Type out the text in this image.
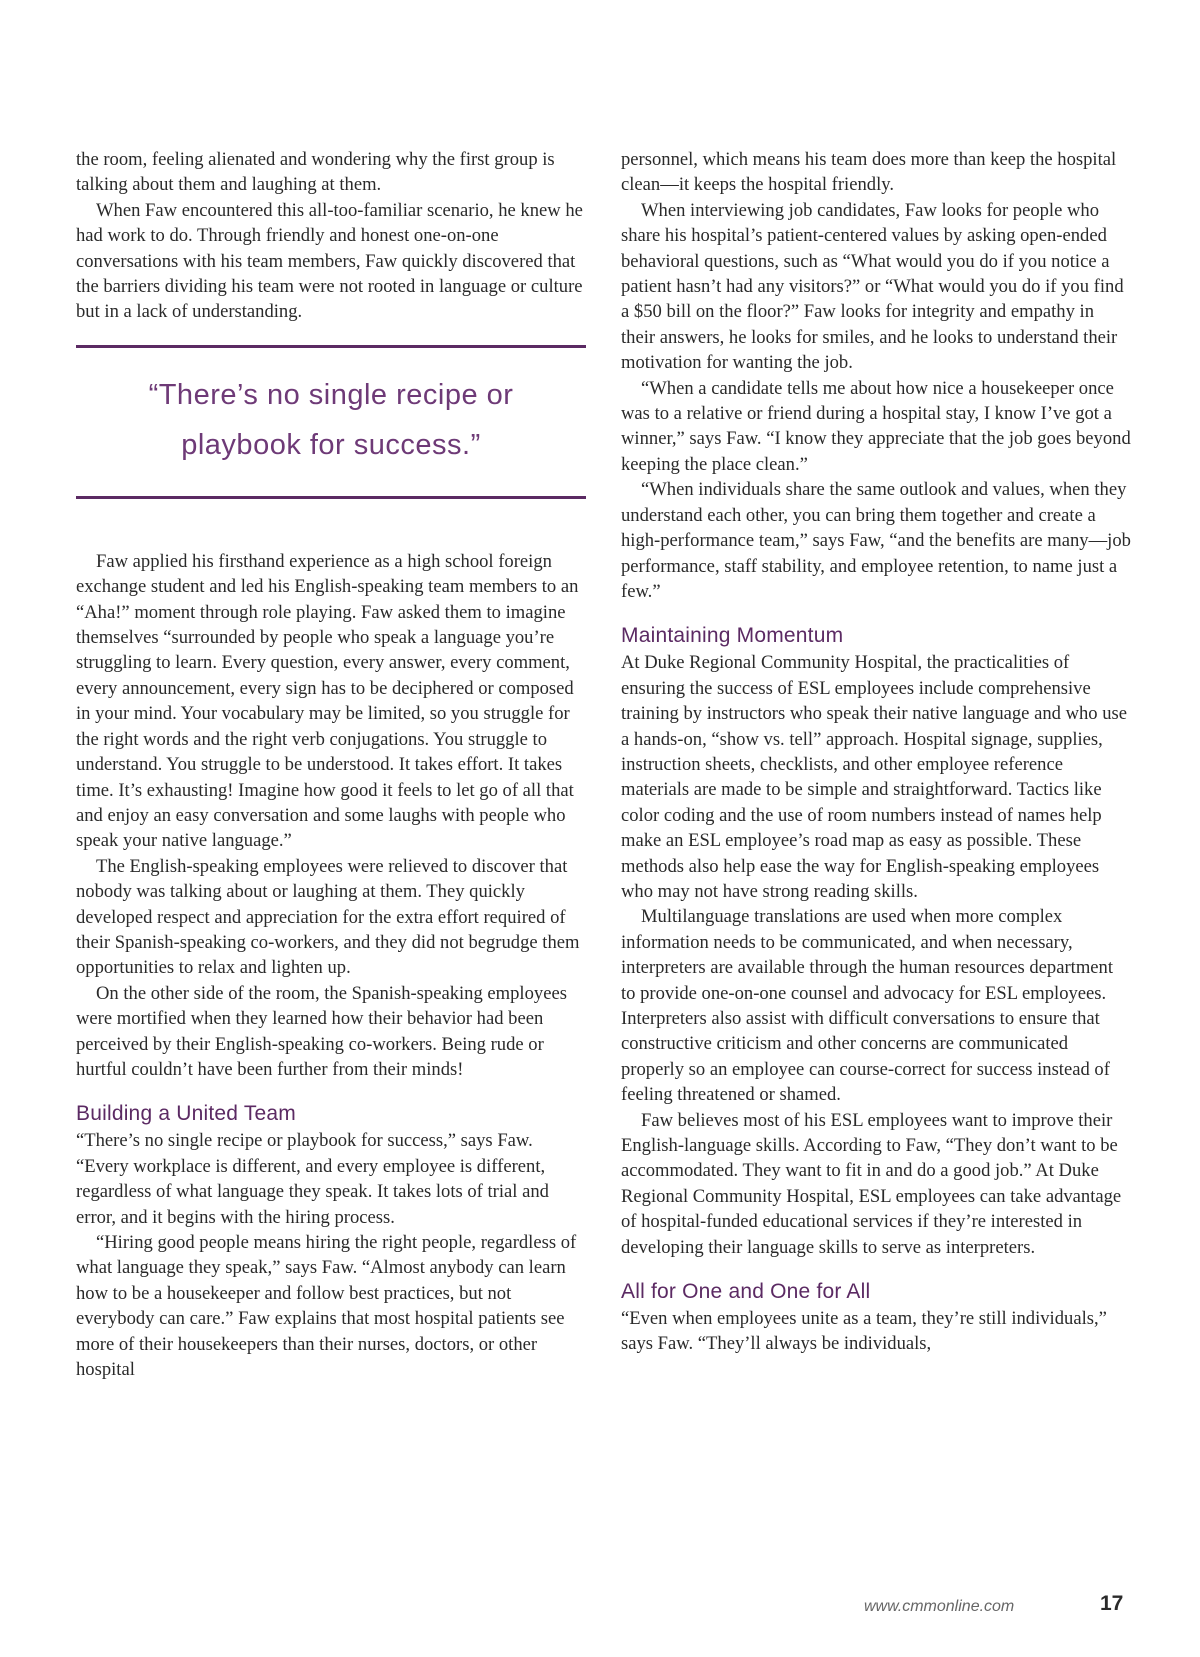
the room, feeling alienated and wondering why the first group is talking about them and laughing at them.

When Faw encountered this all-too-familiar scenario, he knew he had work to do. Through friendly and honest one-on-one conversations with his team members, Faw quickly discovered that the barriers dividing his team were not rooted in language or culture but in a lack of understanding.

“There’s no single recipe or playbook for success.”

Faw applied his firsthand experience as a high school foreign exchange student and led his English-speaking team members to an “Aha!” moment through role playing. Faw asked them to imagine themselves “surrounded by people who speak a language you’re struggling to learn. Every question, every answer, every comment, every announcement, every sign has to be deciphered or composed in your mind. Your vocabulary may be limited, so you struggle for the right words and the right verb conjugations. You struggle to understand. You struggle to be understood. It takes effort. It takes time. It’s exhausting! Imagine how good it feels to let go of all that and enjoy an easy conversation and some laughs with people who speak your native language.”

The English-speaking employees were relieved to discover that nobody was talking about or laughing at them. They quickly developed respect and appreciation for the extra effort required of their Spanish-speaking co-workers, and they did not begrudge them opportunities to relax and lighten up.

On the other side of the room, the Spanish-speaking employees were mortified when they learned how their behavior had been perceived by their English-speaking co-workers. Being rude or hurtful couldn’t have been further from their minds!

Building a United Team

“There’s no single recipe or playbook for success,” says Faw. “Every workplace is different, and every employee is different, regardless of what language they speak. It takes lots of trial and error, and it begins with the hiring process.

“Hiring good people means hiring the right people, regardless of what language they speak,” says Faw. “Almost anybody can learn how to be a housekeeper and follow best practices, but not everybody can care.” Faw explains that most hospital patients see more of their housekeepers than their nurses, doctors, or other hospital

personnel, which means his team does more than keep the hospital clean—it keeps the hospital friendly.

When interviewing job candidates, Faw looks for people who share his hospital’s patient-centered values by asking open-ended behavioral questions, such as “What would you do if you notice a patient hasn’t had any visitors?” or “What would you do if you find a $50 bill on the floor?” Faw looks for integrity and empathy in their answers, he looks for smiles, and he looks to understand their motivation for wanting the job.

“When a candidate tells me about how nice a housekeeper once was to a relative or friend during a hospital stay, I know I’ve got a winner,” says Faw. “I know they appreciate that the job goes beyond keeping the place clean.”

“When individuals share the same outlook and values, when they understand each other, you can bring them together and create a high-performance team,” says Faw, “and the benefits are many—job performance, staff stability, and employee retention, to name just a few.”

Maintaining Momentum

At Duke Regional Community Hospital, the practicalities of ensuring the success of ESL employees include comprehensive training by instructors who speak their native language and who use a hands-on, “show vs. tell” approach. Hospital signage, supplies, instruction sheets, checklists, and other employee reference materials are made to be simple and straightforward. Tactics like color coding and the use of room numbers instead of names help make an ESL employee’s road map as easy as possible. These methods also help ease the way for English-speaking employees who may not have strong reading skills.

Multilanguage translations are used when more complex information needs to be communicated, and when necessary, interpreters are available through the human resources department to provide one-on-one counsel and advocacy for ESL employees. Interpreters also assist with difficult conversations to ensure that constructive criticism and other concerns are communicated properly so an employee can course-correct for success instead of feeling threatened or shamed.

Faw believes most of his ESL employees want to improve their English-language skills. According to Faw, “They don’t want to be accommodated. They want to fit in and do a good job.” At Duke Regional Community Hospital, ESL employees can take advantage of hospital-funded educational services if they’re interested in developing their language skills to serve as interpreters.

All for One and One for All

“Even when employees unite as a team, they’re still individuals,” says Faw. “They’ll always be individuals,

www.cmmonline.com	17
